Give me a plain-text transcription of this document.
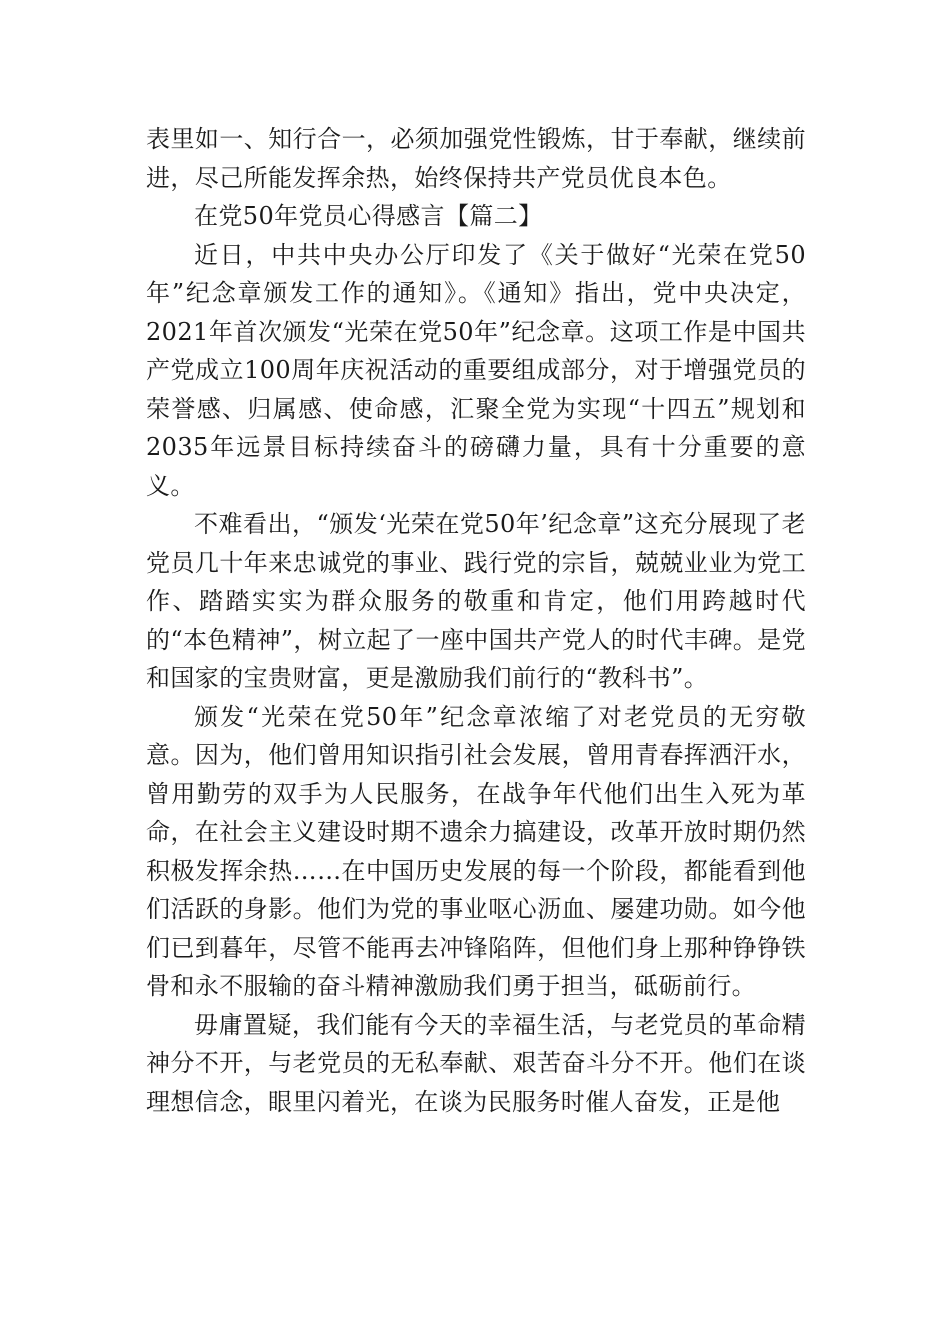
表里如一、知行合一，必须加强党性锻炼，甘于奉献，继续前进，尽己所能发挥余热，始终保持共产党员优良本色。

在党50年党员心得感言【篇二】

近日，中共中央办公厅印发了《关于做好“光荣在党50年”纪念章颁发工作的通知》。《通知》指出，党中央决定，2021年首次颁发“光荣在党50年”纪念章。这项工作是中国共产党成立100周年庆祝活动的重要组成部分，对于增强党员的荣誉感、归属感、使命感，汇聚全党为实现“十四五”规划和2035年远景目标持续奋斗的磅礴力量，具有十分重要的意义。

不难看出，“颁发‘光荣在党50年’纪念章”这充分展现了老党员几十年来忠诚党的事业、践行党的宗旨，兢兢业业为党工作、踏踏实实为群众服务的敬重和肯定，他们用跨越时代的“本色精神”，树立起了一座中国共产党人的时代丰碑。是党和国家的宝贵财富，更是激励我们前行的“教科书”。

颁发“光荣在党50年”纪念章浓缩了对老党员的无穷敬意。因为，他们曾用知识指引社会发展，曾用青春挥洒汗水，曾用勤劳的双手为人民服务，在战争年代他们出生入死为革命，在社会主义建设时期不遗余力搞建设，改革开放时期仍然积极发挥余热……在中国历史发展的每一个阶段，都能看到他们活跃的身影。他们为党的事业呕心沥血、屡建功勋。如今他们已到暮年，尽管不能再去冲锋陷阵，但他们身上那种铮铮铁骨和永不服输的奋斗精神激励我们勇于担当，砥砺前行。

毋庸置疑，我们能有今天的幸福生活，与老党员的革命精神分不开，与老党员的无私奉献、艰苦奋斗分不开。他们在谈理想信念，眼里闪着光，在谈为民服务时催人奋发，正是他
